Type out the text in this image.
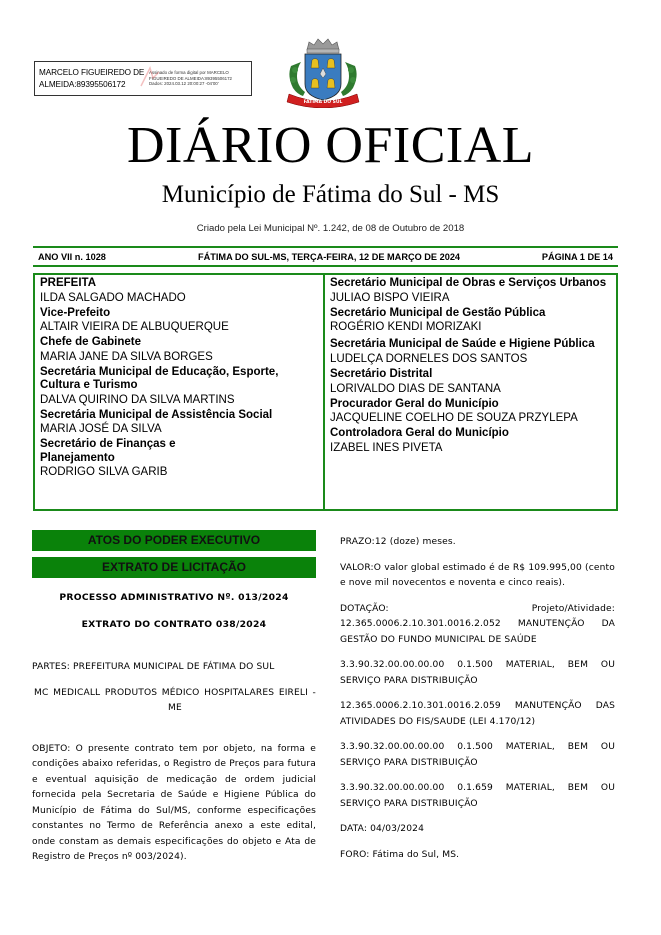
MARCELO FIGUEIREDO DE
ALMEIDA:89395506172
Assinado de forma digital por MARCELO
FIGUEIREDO DE ALMEIDA:89395506172
Dados: 2024.03.12 20:00:27 -04'00'
FÁTIMA DO SUL
DIÁRIO OFICIAL
Município de Fátima do Sul - MS
Criado pela Lei Municipal Nº. 1.242, de 08 de Outubro de 2018
ANO VII n. 1028	FÁTIMA DO SUL-MS, TERÇA-FEIRA, 12 DE MARÇO DE 2024	PÁGINA 1 DE 14
PREFEITA
ILDA SALGADO MACHADO
Vice-Prefeito
ALTAIR VIEIRA DE ALBUQUERQUE
Chefe de Gabinete
MARIA JANE DA SILVA BORGES
Secretária Municipal de Educação, Esporte, Cultura e Turismo
DALVA QUIRINO DA SILVA MARTINS
Secretária Municipal de Assistência Social
MARIA JOSÉ DA SILVA
Secretário de Finanças e Planejamento
RODRIGO SILVA GARIB
Secretário Municipal de Obras e Serviços Urbanos
JULIAO BISPO VIEIRA
Secretário Municipal de Gestão Pública
ROGÉRIO KENDI MORIZAKI
Secretária Municipal de Saúde e Higiene Pública
LUDELÇA DORNELES DOS SANTOS
Secretário Distrital
LORIVALDO DIAS DE SANTANA
Procurador Geral do Município
JACQUELINE COELHO DE SOUZA PRZYLEPA
Controladora Geral do Município
IZABEL INES PIVETA
ATOS DO PODER EXECUTIVO
EXTRATO DE LICITAÇÃO
PROCESSO ADMINISTRATIVO Nº. 013/2024
EXTRATO DO CONTRATO 038/2024
PARTES: PREFEITURA MUNICIPAL DE FÁTIMA DO SUL
MC MEDICALL PRODUTOS MÉDICO HOSPITALARES EIRELI - ME
OBJETO: O presente contrato tem por objeto, na forma e condições abaixo referidas, o Registro de Preços para futura e eventual aquisição de medicação de ordem judicial fornecida pela Secretaria de Saúde e Higiene Pública do Município de Fátima do Sul/MS, conforme especificações constantes no Termo de Referência anexo a este edital, onde constam as demais especificações do objeto e Ata de Registro de Preços nº 003/2024).
PRAZO:12 (doze) meses.
VALOR:O valor global estimado é de R$ 109.995,00 (cento e nove mil novecentos e noventa e cinco reais).
DOTAÇÃO:	Projeto/Atividade:
12.365.0006.2.10.301.0016.2.052 MANUTENÇÃO DA GESTÃO DO FUNDO MUNICIPAL DE SAÚDE
3.3.90.32.00.00.00.00 0.1.500 MATERIAL, BEM OU SERVIÇO PARA DISTRIBUIÇÃO
12.365.0006.2.10.301.0016.2.059 MANUTENÇÃO DAS ATIVIDADES DO FIS/SAUDE (LEI 4.170/12)
3.3.90.32.00.00.00.00 0.1.500 MATERIAL, BEM OU SERVIÇO PARA DISTRIBUIÇÃO
3.3.90.32.00.00.00.00 0.1.659 MATERIAL, BEM OU SERVIÇO PARA DISTRIBUIÇÃO
DATA: 04/03/2024
FORO: Fátima do Sul, MS.
